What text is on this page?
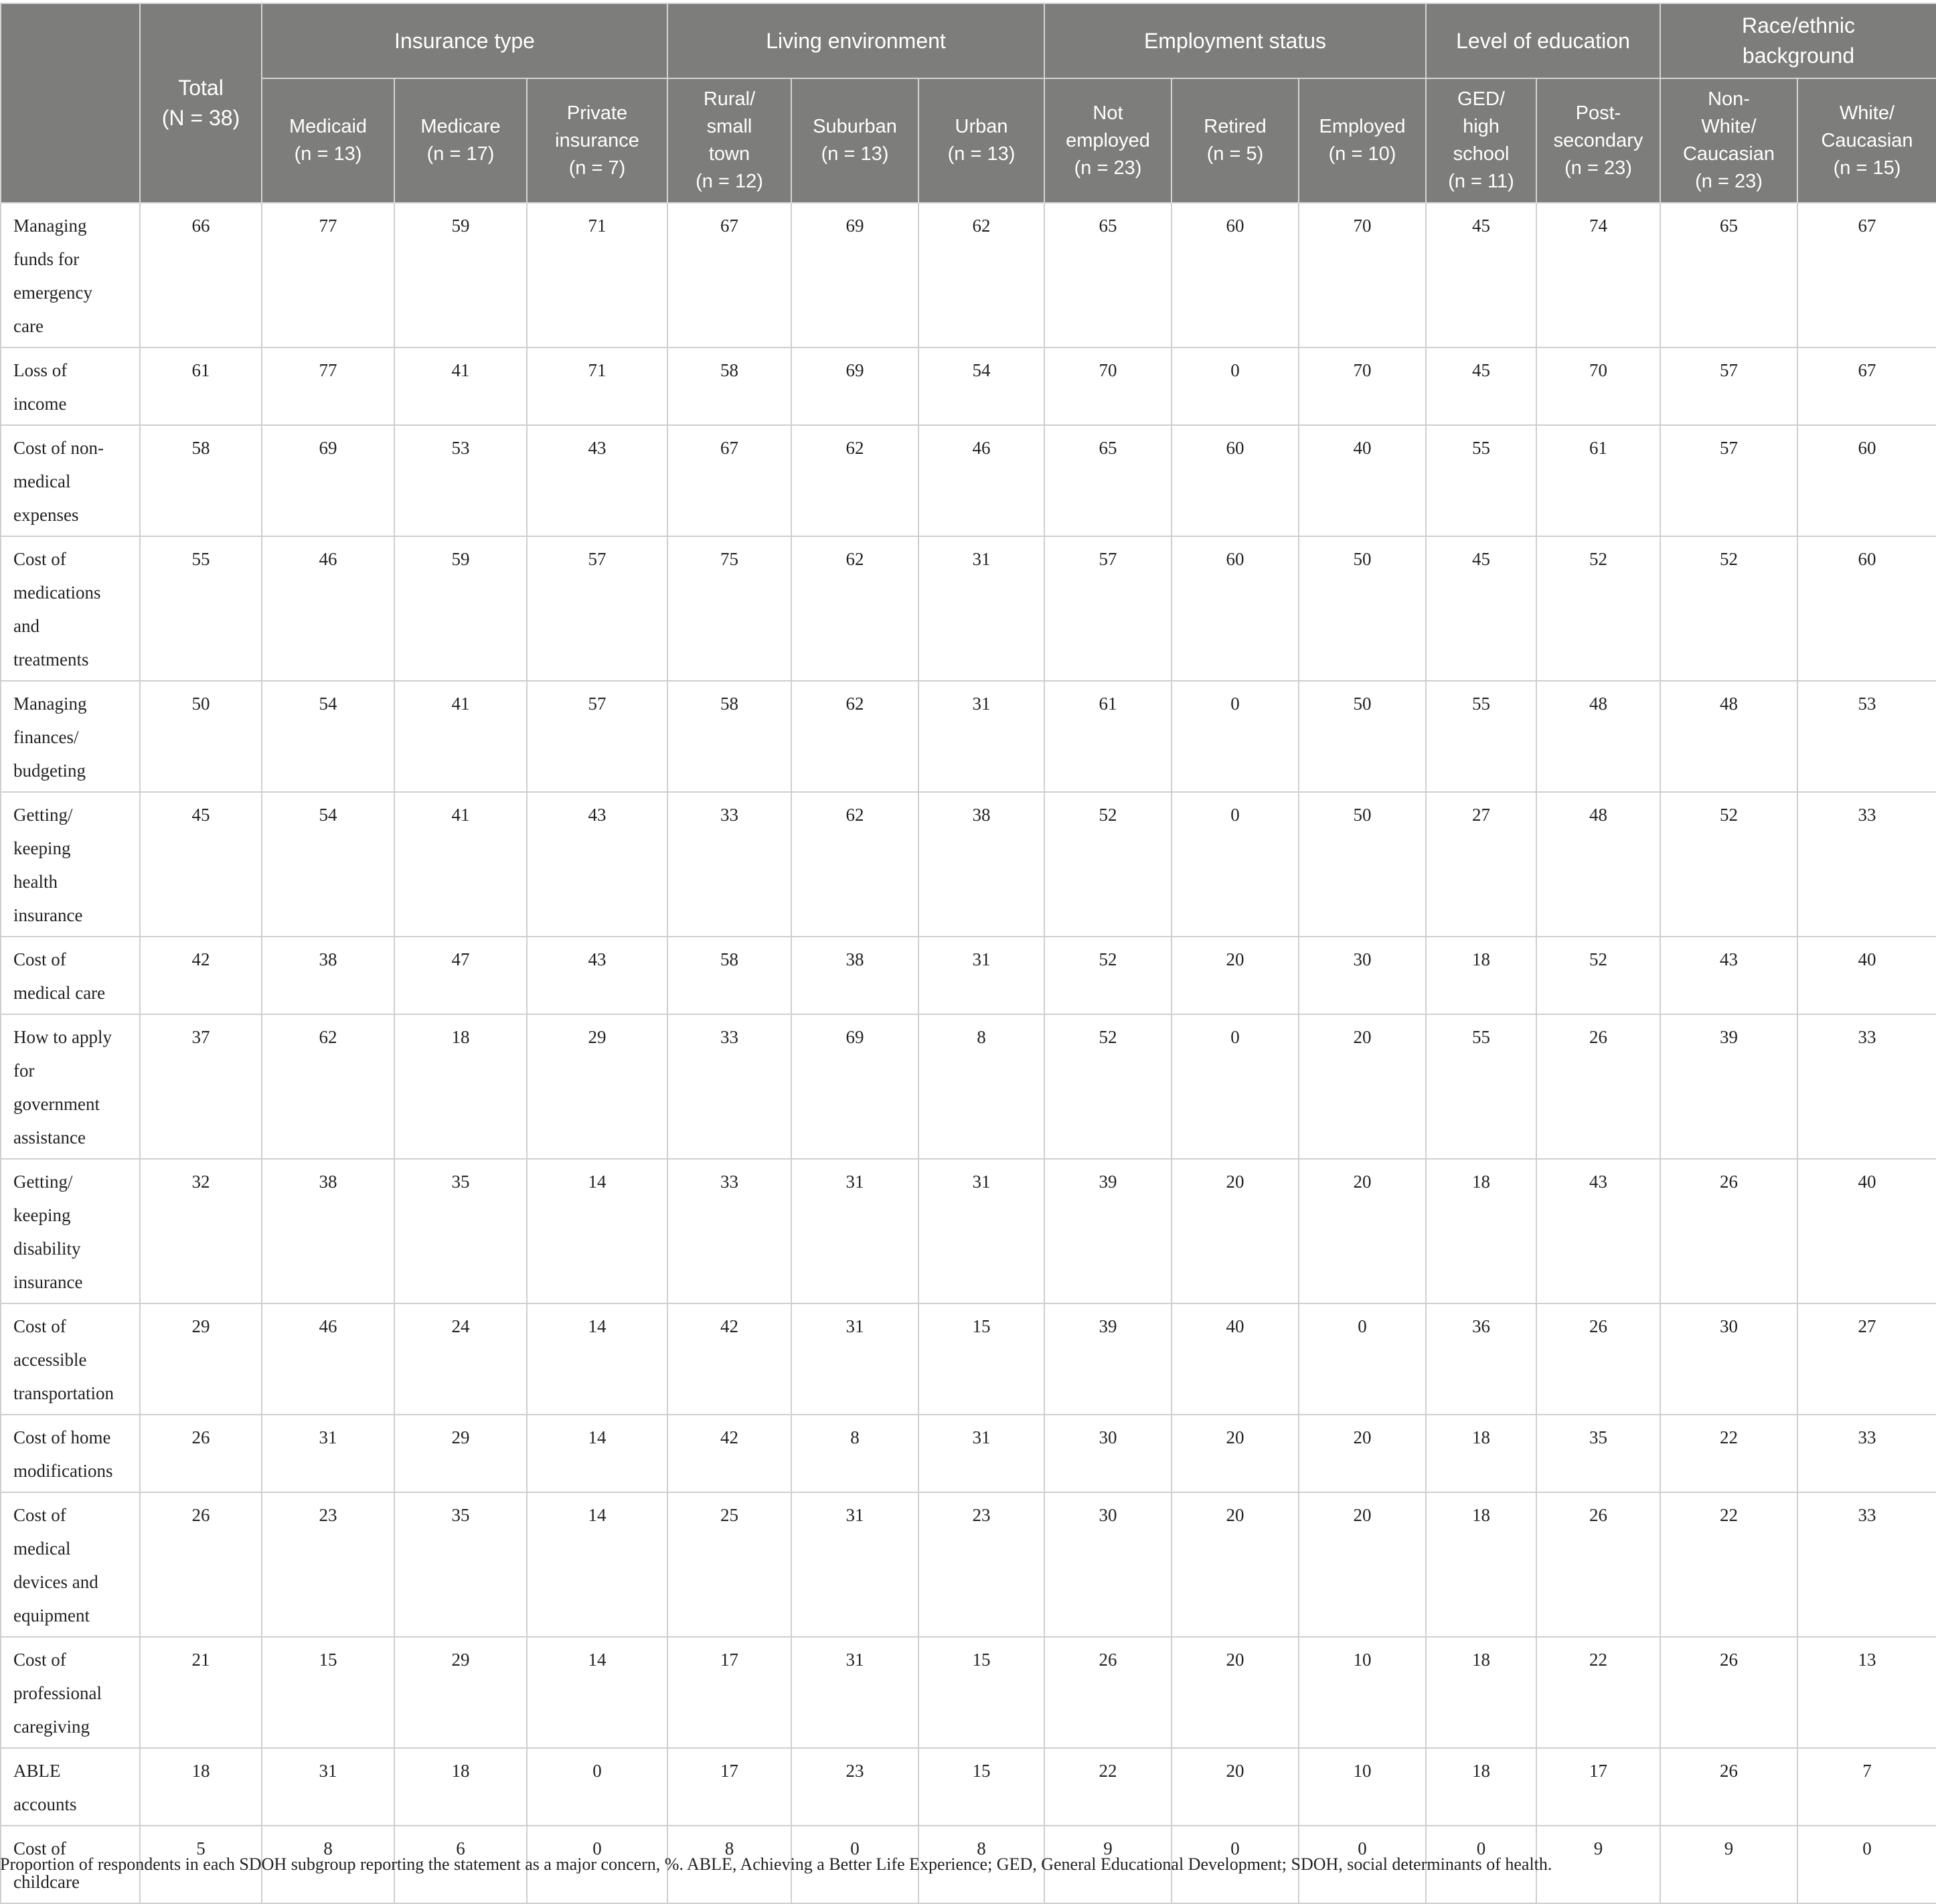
	Total
(N = 38)	Insurance type			Living environment			Employment status			Level of education		Race/ethnic
background	
		Medicaid
(n = 13)	Medicare
(n = 17)	Private
insurance
(n = 7)	Rural/
small
town
(n = 12)	Suburban
(n = 13)	Urban
(n = 13)	Not
employed
(n = 23)	Retired
(n = 5)	Employed
(n = 10)	GED/
high
school
(n = 11)	Post-
secondary
(n = 23)	Non-
White/
Caucasian
(n = 23)	White/
Caucasian
(n = 15)
Managing
funds for
emergency
care	66	77	59	71	67	69	62	65	60	70	45	74	65	67
Loss of
income	61	77	41	71	58	69	54	70	0	70	45	70	57	67
Cost of non-
medical
expenses	58	69	53	43	67	62	46	65	60	40	55	61	57	60
Cost of
medications
and
treatments	55	46	59	57	75	62	31	57	60	50	45	52	52	60
Managing
finances/
budgeting	50	54	41	57	58	62	31	61	0	50	55	48	48	53
Getting/
keeping
health
insurance	45	54	41	43	33	62	38	52	0	50	27	48	52	33
Cost of
medical care	42	38	47	43	58	38	31	52	20	30	18	52	43	40
How to apply
for
government
assistance	37	62	18	29	33	69	8	52	0	20	55	26	39	33
Getting/
keeping
disability
insurance	32	38	35	14	33	31	31	39	20	20	18	43	26	40
Cost of
accessible
transportation	29	46	24	14	42	31	15	39	40	0	36	26	30	27
Cost of home
modifications	26	31	29	14	42	8	31	30	20	20	18	35	22	33
Cost of
medical
devices and
equipment	26	23	35	14	25	31	23	30	20	20	18	26	22	33
Cost of
professional
caregiving	21	15	29	14	17	31	15	26	20	10	18	22	26	13
ABLE
accounts	18	31	18	0	17	23	15	22	20	10	18	17	26	7
Cost of
childcare	5	8	6	0	8	0	8	9	0	0	0	9	9	0
Proportion of respondents in each SDOH subgroup reporting the statement as a major concern, %. ABLE, Achieving a Better Life Experience; GED, General Educational Development; SDOH, social determinants of health.
